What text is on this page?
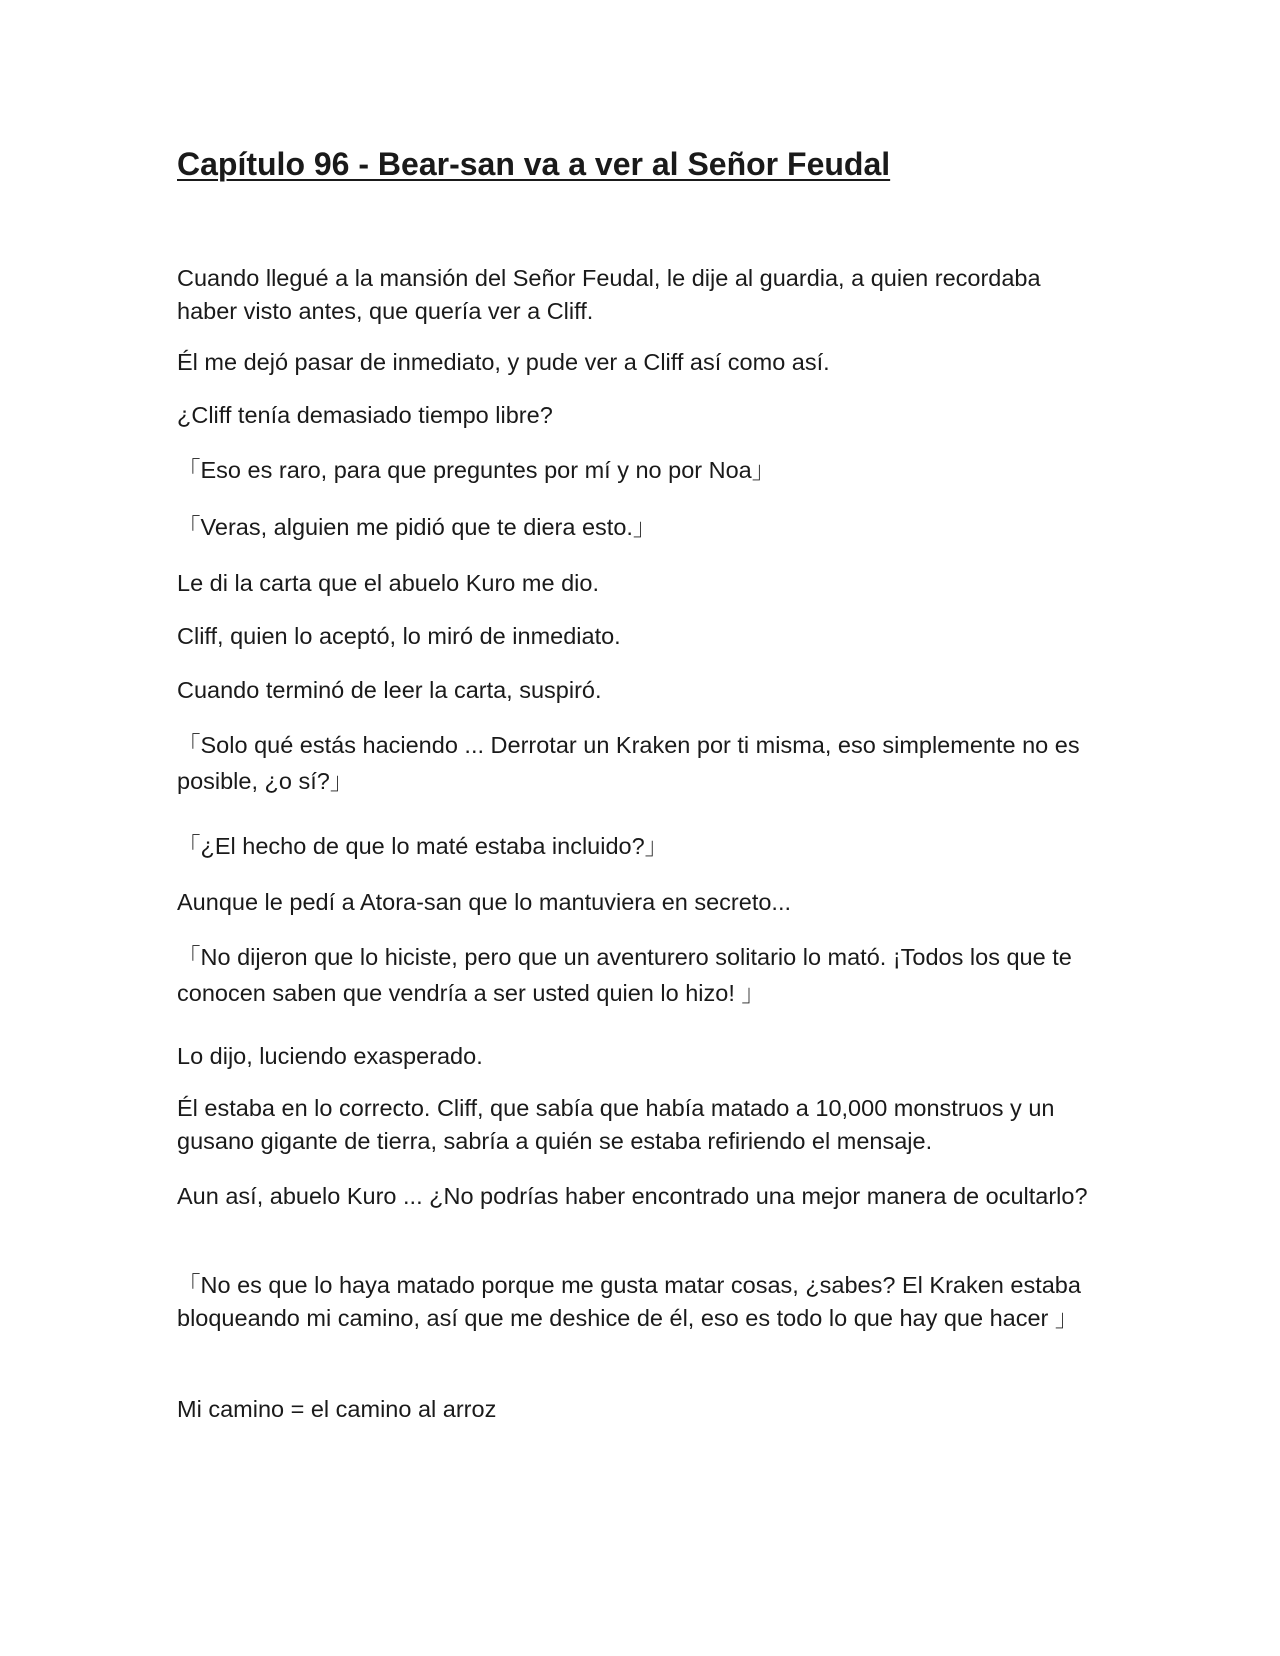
Capítulo 96 - Bear-san va a ver al Señor Feudal

Cuando llegué a la mansión del Señor Feudal, le dije al guardia, a quien recordaba haber visto antes, que quería ver a Cliff.

Él me dejó pasar de inmediato, y pude ver a Cliff así como así.

¿Cliff tenía demasiado tiempo libre?

「Eso es raro, para que preguntes por mí y no por Noa」

「Veras, alguien me pidió que te diera esto.」

Le di la carta que el abuelo Kuro me dio.

Cliff, quien lo aceptó, lo miró de inmediato.

Cuando terminó de leer la carta, suspiró.

「Solo qué estás haciendo ... Derrotar un Kraken por ti misma, eso simplemente no es posible, ¿o sí?」

「¿El hecho de que lo maté estaba incluido?」

Aunque le pedí a Atora-san que lo mantuviera en secreto...

「No dijeron que lo hiciste, pero que un aventurero solitario lo mató. ¡Todos los que te conocen saben que vendría a ser usted quien lo hizo! 」

Lo dijo, luciendo exasperado.

Él estaba en lo correcto. Cliff, que sabía que había matado a 10,000 monstruos y un gusano gigante de tierra, sabría a quién se estaba refiriendo el mensaje.

Aun así, abuelo Kuro ... ¿No podrías haber encontrado una mejor manera de ocultarlo?

「No es que lo haya matado porque me gusta matar cosas, ¿sabes? El Kraken estaba bloqueando mi camino, así que me deshice de él, eso es todo lo que hay que hacer 」

Mi camino = el camino al arroz
